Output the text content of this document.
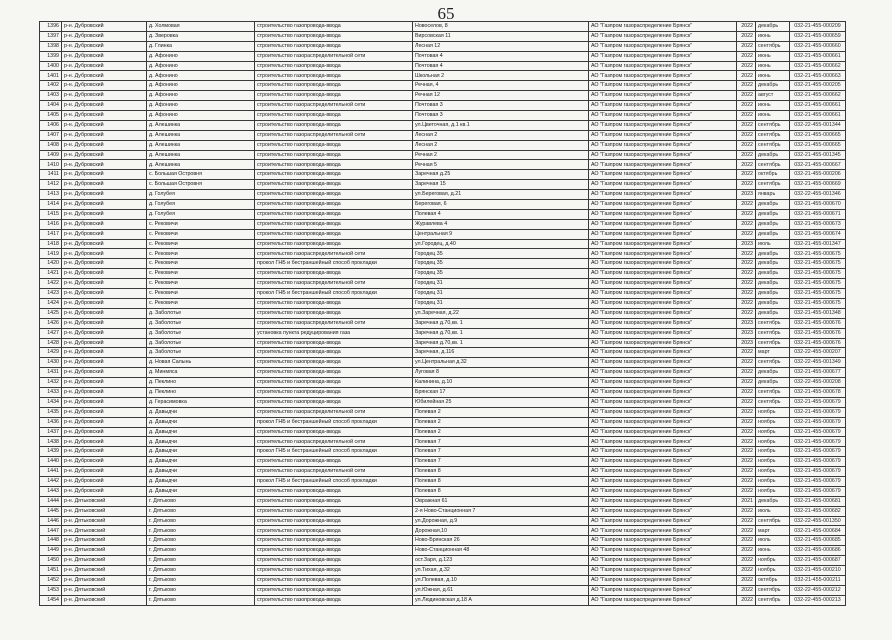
65
1396	р-н. Дубровский	д. Холмовая	строительство газопровода-ввода	Новоселов, 8	АО "Газпром газораспределение Брянск"	2022	декабрь	032-21-455-000209
1397	р-н. Дубровский	д. Зверовка	строительство газопровода-ввода	Вирсовская 11	АО "Газпром газораспределение Брянск"	2022	июнь	032-21-455-000659
1398	р-н. Дубровский	д. Глинка	строительство газопровода-ввода	Лесная 12	АО "Газпром газораспределение Брянск"	2022	сентябрь	032-21-455-000660
1399	р-н. Дубровский	д. Афонино	строительство газораспределительной сети	Почтовая 4	АО "Газпром газораспределение Брянск"	2022	июнь	032-21-455-000661
1400	р-н. Дубровский	д. Афонино	строительство газопровода-ввода	Почтовая 4	АО "Газпром газораспределение Брянск"	2022	июнь	032-21-455-000662
1401	р-н. Дубровский	д. Афонино	строительство газопровода-ввода	Школьная 2	АО "Газпром газораспределение Брянск"	2022	июнь	032-21-455-000663
1402	р-н. Дубровский	д. Афонино	строительство газопровода-ввода	Речная, 4	АО "Газпром газораспределение Брянск"	2022	декабрь	032-21-455-000205
1403	р-н. Дубровский	д. Афонино	строительство газопровода-ввода	Речная 12	АО "Газпром газораспределение Брянск"	2022	август	032-21-455-000662
1404	р-н. Дубровский	д. Афонино	строительство газораспределительной сети	Почтовая 3	АО "Газпром газораспределение Брянск"	2022	июнь	032-21-455-000661
1405	р-н. Дубровский	д. Афонино	строительство газопровода-ввода	Почтовая 3	АО "Газпром газораспределение Брянск"	2022	июнь	032-21-455-000661
1406	р-н. Дубровский	д. Алешинка	строительство газопровода-ввода	ул.Цветочная, д.1 кв.1	АО "Газпром газораспределение Брянск"	2022	сентябрь	032-22-455-001344
1407	р-н. Дубровский	д. Алешинка	строительство газораспределительной сети	Лесная 2	АО "Газпром газораспределение Брянск"	2022	сентябрь	032-21-455-000665
1408	р-н. Дубровский	д. Алешинка	строительство газопровода-ввода	Лесная 2	АО "Газпром газораспределение Брянск"	2022	сентябрь	032-21-455-000665
1409	р-н. Дубровский	д. Алешинка	строительство газопровода-ввода	Речная 2	АО "Газпром газораспределение Брянск"	2022	декабрь	032-21-455-001345
1410	р-н. Дубровский	д. Алешинка	строительство газопровода-ввода	Речная 5	АО "Газпром газораспределение Брянск"	2022	сентябрь	032-21-455-000667
1411	р-н. Дубровский	с. Большая Островня	строительство газопровода-ввода	Заречная д.25	АО "Газпром газораспределение Брянск"	2022	октябрь	032-21-455-000206
1412	р-н. Дубровский	с. Большая Островня	строительство газопровода-ввода	Заречная 15	АО "Газпром газораспределение Брянск"	2022	сентябрь	032-21-455-000669
1413	р-н. Дубровский	д. Голубея	строительство газопровода-ввода	ул.Береговая, д.21	АО "Газпром газораспределение Брянск"	2023	январь	032-22-455-001346
1414	р-н. Дубровский	д. Голубея	строительство газопровода-ввода	Береговая, 6	АО "Газпром газораспределение Брянск"	2022	декабрь	032-21-455-000670
1415	р-н. Дубровский	д. Голубея	строительство газопровода-ввода	Полевая 4	АО "Газпром газораспределение Брянск"	2022	декабрь	032-21-455-000671
1416	р-н. Дубровский	с. Рековичи	строительство газопровода-ввода	Журавлева 4	АО "Газпром газораспределение Брянск"	2022	декабрь	032-21-455-000673
1417	р-н. Дубровский	с. Рековичи	строительство газопровода-ввода	Центральная 9	АО "Газпром газораспределение Брянск"	2022	декабрь	032-21-455-000674
1418	р-н. Дубровский	с. Рековичи	строительство газопровода-ввода	ул.Городец, д.40	АО "Газпром газораспределение Брянск"	2023	июль	032-21-455-001347
1419	р-н. Дубровский	с. Рековичи	строительство газораспределительной сети	Городец 35	АО "Газпром газораспределение Брянск"	2022	декабрь	032-21-455-000675
1420	р-н. Дубровский	с. Рековичи	прокол ГНБ и бестраншейный способ прокладки	Городец 35	АО "Газпром газораспределение Брянск"	2022	декабрь	032-21-455-000675
1421	р-н. Дубровский	с. Рековичи	строительство газопровода-ввода	Городец 35	АО "Газпром газораспределение Брянск"	2022	декабрь	032-21-455-000675
1422	р-н. Дубровский	с. Рековичи	строительство газораспределительной сети	Городец 31	АО "Газпром газораспределение Брянск"	2022	декабрь	032-21-455-000675
1423	р-н. Дубровский	с. Рековичи	прокол ГНБ и бестраншейный способ прокладки	Городец 31	АО "Газпром газораспределение Брянск"	2022	декабрь	032-21-455-000675
1424	р-н. Дубровский	с. Рековичи	строительство газопровода-ввода	Городец 31	АО "Газпром газораспределение Брянск"	2022	декабрь	032-21-455-000675
1425	р-н. Дубровский	д. Заболотье	строительство газопровода-ввода	ул.Заречная, д.22	АО "Газпром газораспределение Брянск"	2022	декабрь	032-21-455-001348
1426	р-н. Дубровский	д. Заболотье	строительство газораспределительной сети	Заречная д.70,кв. 1	АО "Газпром газораспределение Брянск"	2023	сентябрь	032-21-455-000676
1427	р-н. Дубровский	д. Заболотье	установка пункта редуцирования газа	Заречная д.70,кв. 1	АО "Газпром газораспределение Брянск"	2023	сентябрь	032-21-455-000676
1428	р-н. Дубровский	д. Заболотье	строительство газопровода-ввода	Заречная д.70,кв. 1	АО "Газпром газораспределение Брянск"	2023	сентябрь	032-21-455-000676
1429	р-н. Дубровский	д. Заболотье	строительство газопровода-ввода	Заречная, д.116	АО "Газпром газораспределение Брянск"	2022	март	032-22-455-000207
1430	р-н. Дубровский	д. Новая Салынь	строительство газопровода-ввода	ул.Центральная д.32	АО "Газпром газораспределение Брянск"	2022	сентябрь	032-22-455-001349
1431	р-н. Дубровский	д. Минмяса	строительство газопровода-ввода	Луговая 8	АО "Газпром газораспределение Брянск"	2022	декабрь	032-21-455-000677
1432	р-н. Дубровский	д. Пеклино	строительство газопровода-ввода	Калинина, д.10	АО "Газпром газораспределение Брянск"	2022	декабрь	032-22-455-000208
1433	р-н. Дубровский	д. Пеклино	строительство газопровода-ввода	Брянская 17	АО "Газпром газораспределение Брянск"	2022	сентябрь	032-21-455-000678
1434	р-н. Дубровский	д. Герасимовка	строительство газопровода-ввода	Юбилейная 25	АО "Газпром газораспределение Брянск"	2022	сентябрь	032-21-455-000679
1435	р-н. Дубровский	д. Давыдчи	строительство газораспределительной сети	Полевая 2	АО "Газпром газораспределение Брянск"	2022	ноябрь	032-21-455-000679
1436	р-н. Дубровский	д. Давыдчи	прокол ГНБ и бестраншейный способ прокладки	Полевая 2	АО "Газпром газораспределение Брянск"	2022	ноябрь	032-21-455-000679
1437	р-н. Дубровский	д. Давыдчи	строительство газопровода-ввода	Полевая 2	АО "Газпром газораспределение Брянск"	2022	ноябрь	032-21-455-000679
1438	р-н. Дубровский	д. Давыдчи	строительство газораспределительной сети	Полевая 7	АО "Газпром газораспределение Брянск"	2022	ноябрь	032-21-455-000679
1439	р-н. Дубровский	д. Давыдчи	прокол ГНБ и бестраншейный способ прокладки	Полевая 7	АО "Газпром газораспределение Брянск"	2022	ноябрь	032-21-455-000679
1440	р-н. Дубровский	д. Давыдчи	строительство газопровода-ввода	Полевая 7	АО "Газпром газораспределение Брянск"	2022	ноябрь	032-21-455-000679
1441	р-н. Дубровский	д. Давыдчи	строительство газораспределительной сети	Полевая 8	АО "Газпром газораспределение Брянск"	2022	ноябрь	032-21-455-000679
1442	р-н. Дубровский	д. Давыдчи	прокол ГНБ и бестраншейный способ прокладки	Полевая 8	АО "Газпром газораспределение Брянск"	2022	ноябрь	032-21-455-000679
1443	р-н. Дубровский	д. Давыдчи	строительство газопровода-ввода	Полевая 8	АО "Газпром газораспределение Брянск"	2022	ноябрь	032-21-455-000679
1444	р-н. Дятьковский	г. Дятьково	строительство газопровода-ввода	Овражная 61	АО "Газпром газораспределение Брянск"	2021	декабрь	032-21-455-000681
1445	р-н. Дятьковский	г. Дятьково	строительство газопровода-ввода	2-я Ново-Станционная 7	АО "Газпром газораспределение Брянск"	2022	июль	032-21-455-000682
1446	р-н. Дятьковский	г. Дятьково	строительство газопровода-ввода	ул.Дорожная, д.9	АО "Газпром газораспределение Брянск"	2022	сентябрь	032-22-455-001350
1447	р-н. Дятьковский	г. Дятьково	строительство газопровода-ввода	Дорожная,10	АО "Газпром газораспределение Брянск"	2022	март	032-21-455-000684
1448	р-н. Дятьковский	г. Дятьково	строительство газопровода-ввода	Ново-Брянская 26	АО "Газпром газораспределение Брянск"	2022	июль	032-21-455-000685
1449	р-н. Дятьковский	г. Дятьково	строительство газопровода-ввода	Ново-Станционная 48	АО "Газпром газораспределение Брянск"	2022	июнь	032-21-455-000686
1450	р-н. Дятьковский	г. Дятьково	строительство газопровода-ввода	ост.Заря, д.123	АО "Газпром газораспределение Брянск"	2022	ноябрь	032-21-455-000687
1451	р-н. Дятьковский	г. Дятьково	строительство газопровода-ввода	ул.Тихая, д.32	АО "Газпром газораспределение Брянск"	2022	ноябрь	032-21-455-000210
1452	р-н. Дятьковский	г. Дятьково	строительство газопровода-ввода	ул.Полевая, д.10	АО "Газпром газораспределение Брянск"	2022	октябрь	032-21-455-000211
1453	р-н. Дятьковский	г. Дятьково	строительство газопровода-ввода	ул.Южная, д.61	АО "Газпром газораспределение Брянск"	2022	сентябрь	032-22-455-000212
1454	р-н. Дятьковский	г. Дятьково	строительство газопровода-ввода	ул.Людиновская д.18 А	АО "Газпром газораспределение Брянск"	2022	сентябрь	032-22-455-000213
